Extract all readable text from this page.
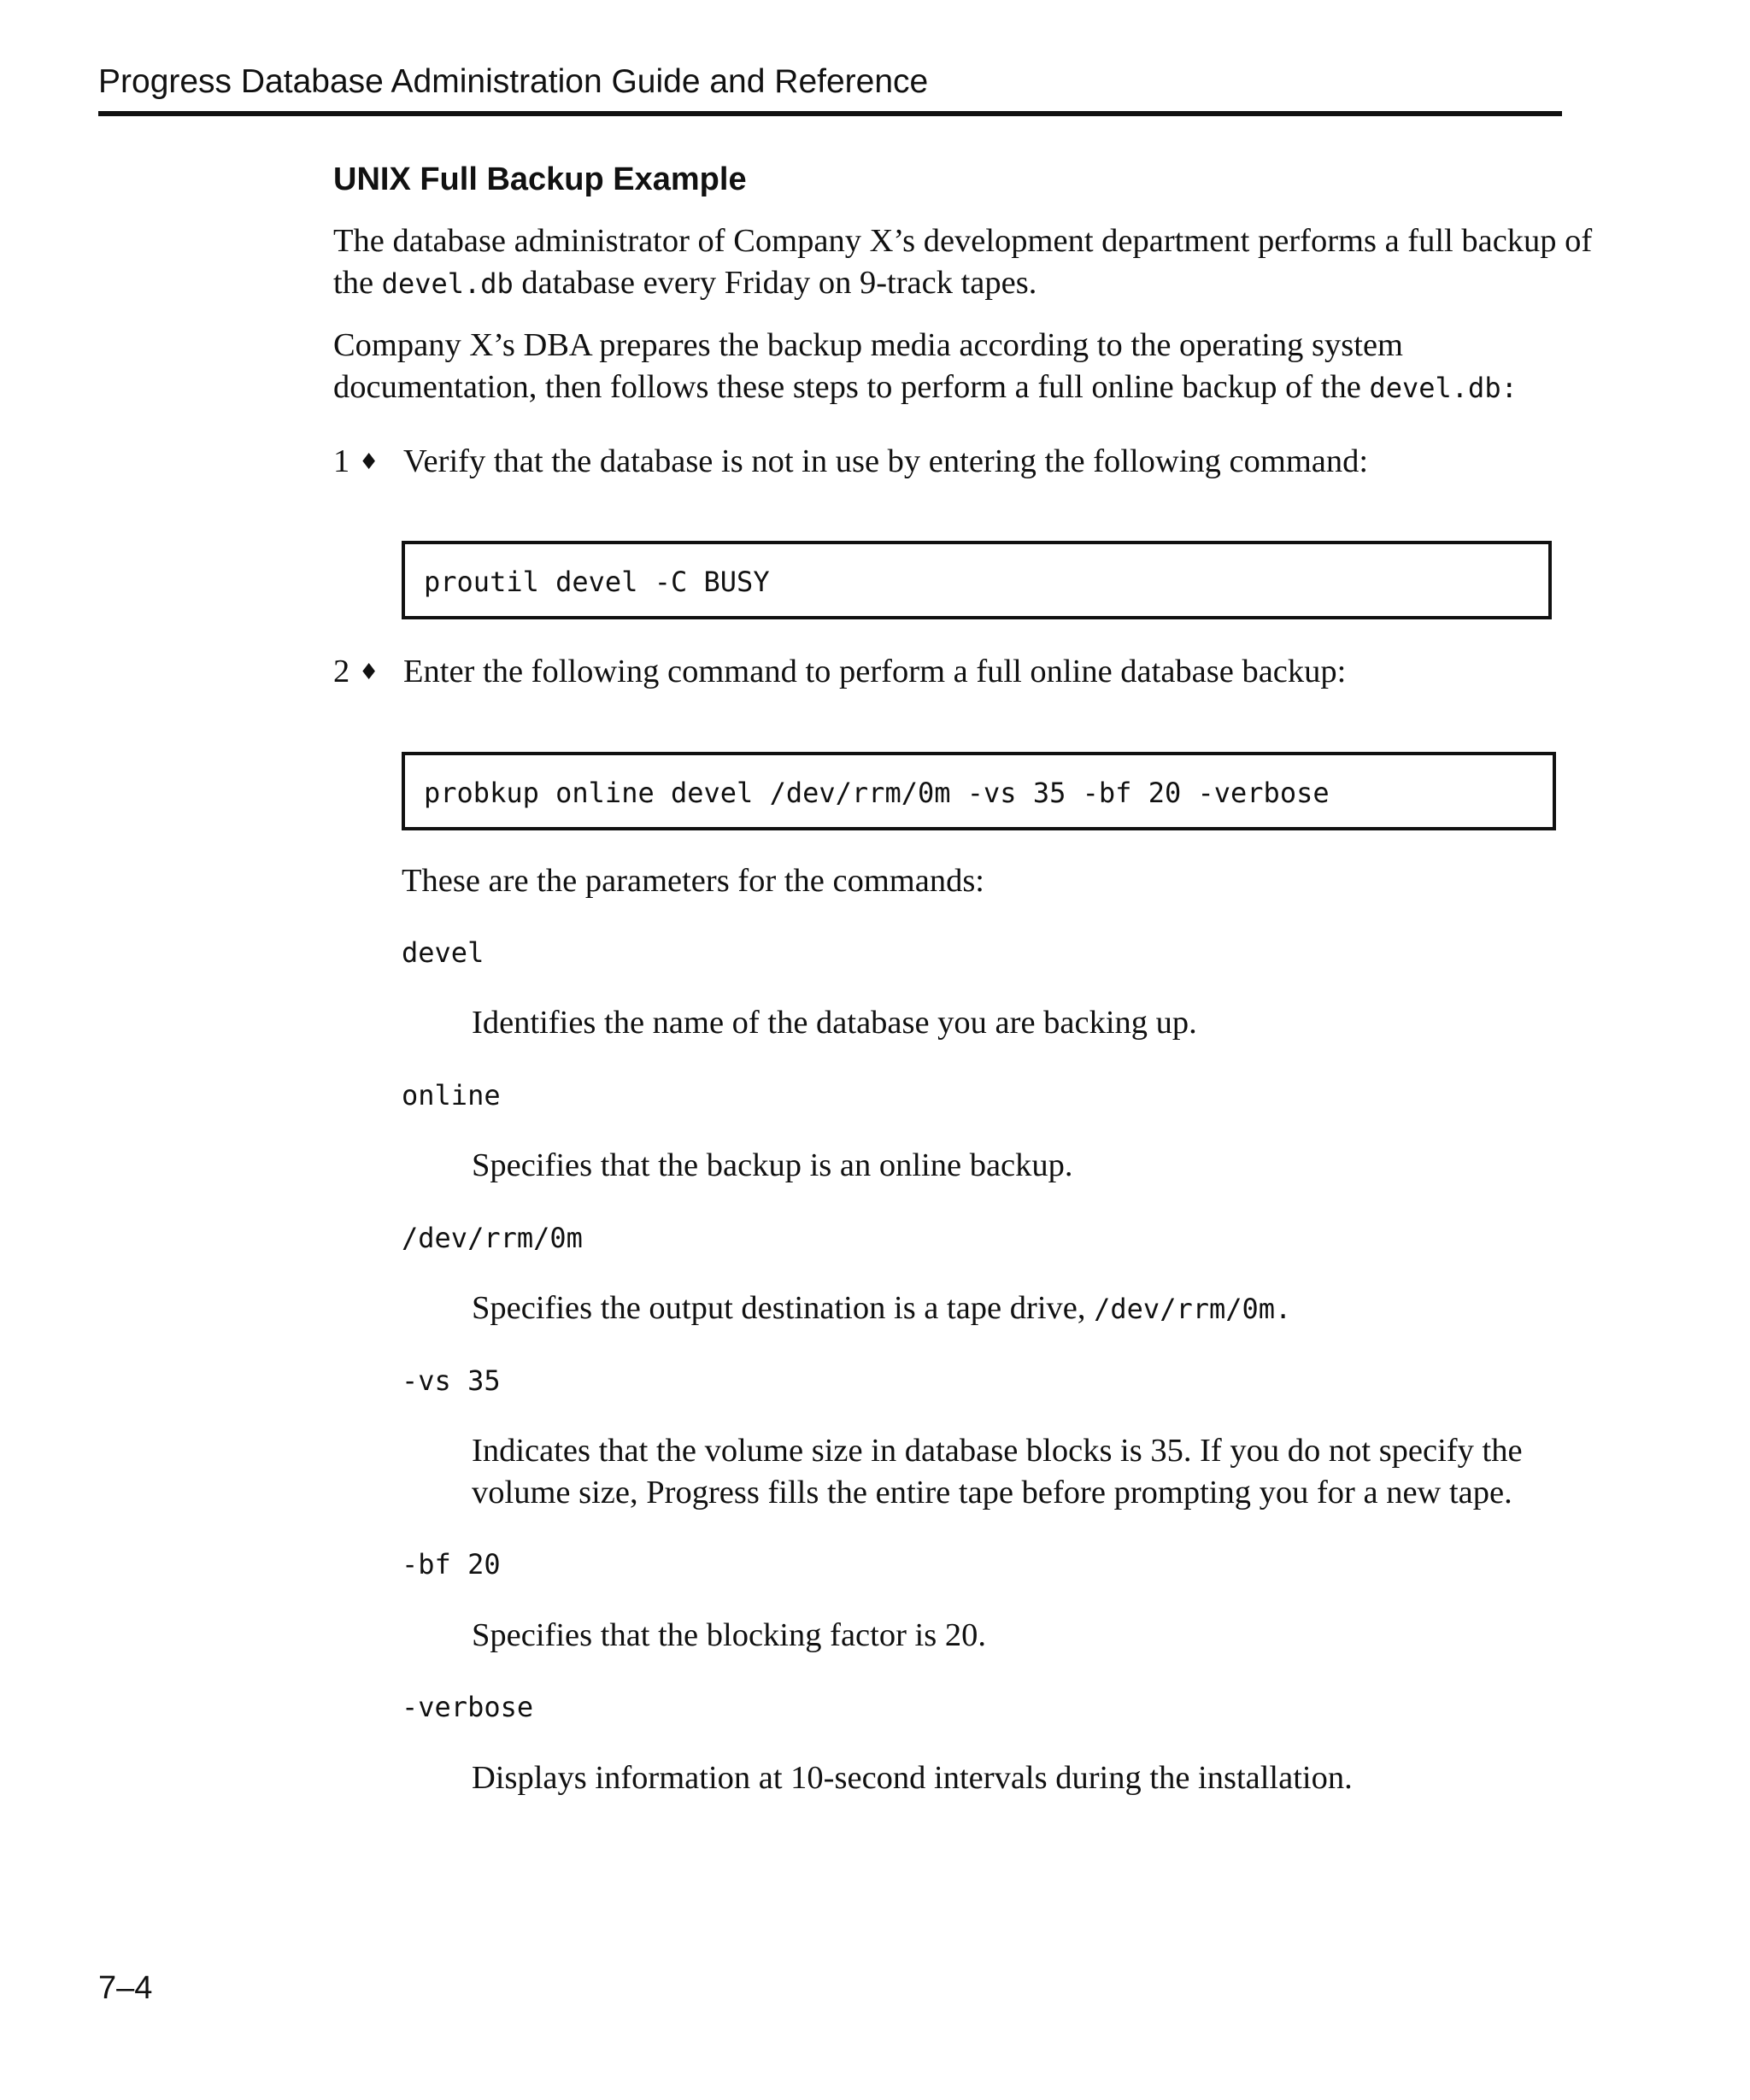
Progress Database Administration Guide and Reference
UNIX Full Backup Example

The database administrator of Company X’s development department performs a full backup of
the devel.db database every Friday on 9-track tapes.

Company X’s DBA prepares the backup media according to the operating system
documentation, then follows these steps to perform a full online backup of the devel.db:

1 ♦ Verify that the database is not in use by entering the following command:
proutil devel -C BUSY
2 ♦ Enter the following command to perform a full online database backup:
probkup online devel /dev/rrm/0m -vs 35 -bf 20 -verbose
These are the parameters for the commands:
devel

Identifies the name of the database you are backing up.

online

Specifies that the backup is an online backup.

/dev/rrm/0m

Specifies the output destination is a tape drive, /dev/rrm/0m.

-vs 35

Indicates that the volume size in database blocks is 35. If you do not specify the
volume size, Progress fills the entire tape before prompting you for a new tape.

-bf 20

Specifies that the blocking factor is 20.

-verbose

Displays information at 10-second intervals during the installation.

7–4
